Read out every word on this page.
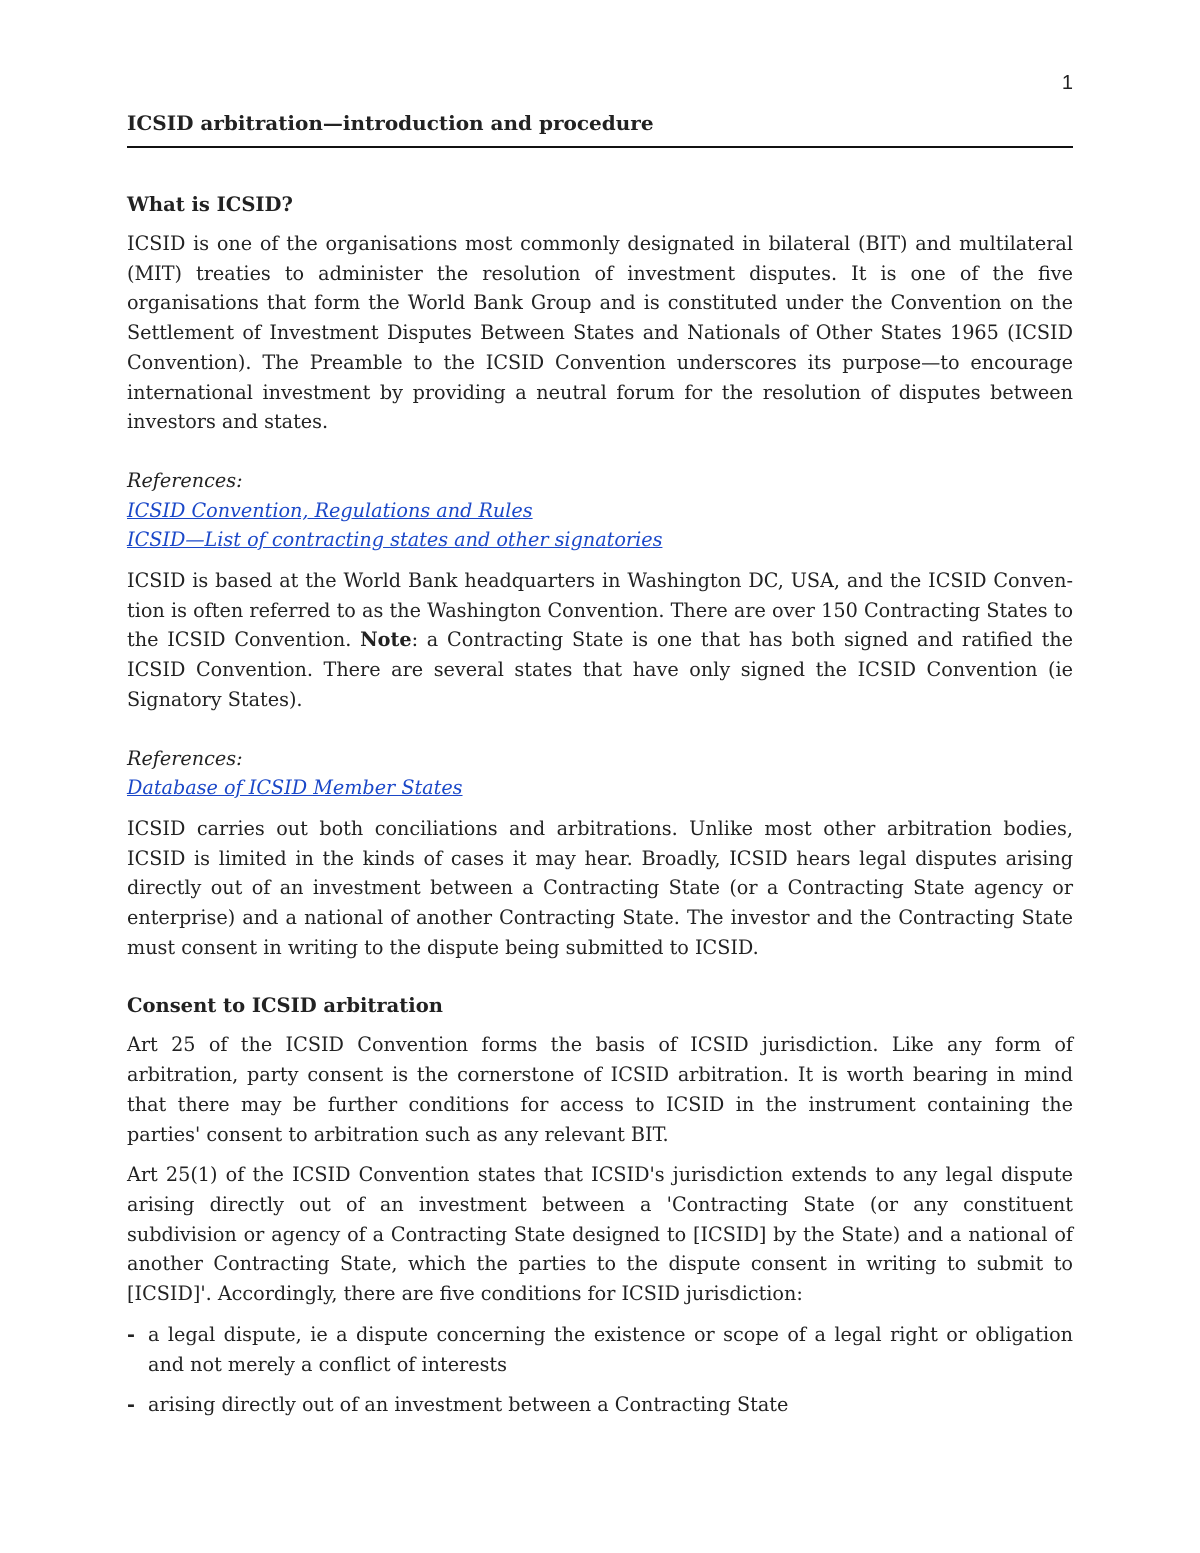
1
ICSID arbitration—introduction and procedure
What is ICSID?

ICSID is one of the organisations most commonly designated in bilateral (BIT) and multilateral (MIT) treaties to administer the resolution of investment disputes. It is one of the five organisations that form the World Bank Group and is constituted under the Convention on the Settlement of Investment Disputes Between States and Nationals of Other States 1965 (ICSID Convention). The Preamble to the ICSID Convention underscores its purpose—to encourage international investment by providing a neutral forum for the resolution of disputes between investors and states.

References:
ICSID Convention, Regulations and Rules
ICSID—List of contracting states and other signatories

ICSID is based at the World Bank headquarters in Washington DC, USA, and the ICSID Convention is often referred to as the Washington Convention. There are over 150 Contracting States to the ICSID Convention. Note: a Contracting State is one that has both signed and ratified the ICSID Convention. There are several states that have only signed the ICSID Convention (ie Signatory States).

References:
Database of ICSID Member States

ICSID carries out both conciliations and arbitrations. Unlike most other arbitration bodies, ICSID is limited in the kinds of cases it may hear. Broadly, ICSID hears legal disputes arising directly out of an investment between a Contracting State (or a Contracting State agency or enterprise) and a national of another Contracting State. The investor and the Contracting State must consent in writing to the dispute being submitted to ICSID.

Consent to ICSID arbitration

Art 25 of the ICSID Convention forms the basis of ICSID jurisdiction. Like any form of arbitration, party consent is the cornerstone of ICSID arbitration. It is worth bearing in mind that there may be further conditions for access to ICSID in the instrument containing the parties' consent to arbitration such as any relevant BIT.

Art 25(1) of the ICSID Convention states that ICSID's jurisdiction extends to any legal dispute arising directly out of an investment between a 'Contracting State (or any constituent subdivision or agency of a Contracting State designed to [ICSID] by the State) and a national of another Contracting State, which the parties to the dispute consent in writing to submit to [ICSID]'. Accordingly, there are five conditions for ICSID jurisdiction:

- a legal dispute, ie a dispute concerning the existence or scope of a legal right or obligation and not merely a conflict of interests
- arising directly out of an investment between a Contracting State
